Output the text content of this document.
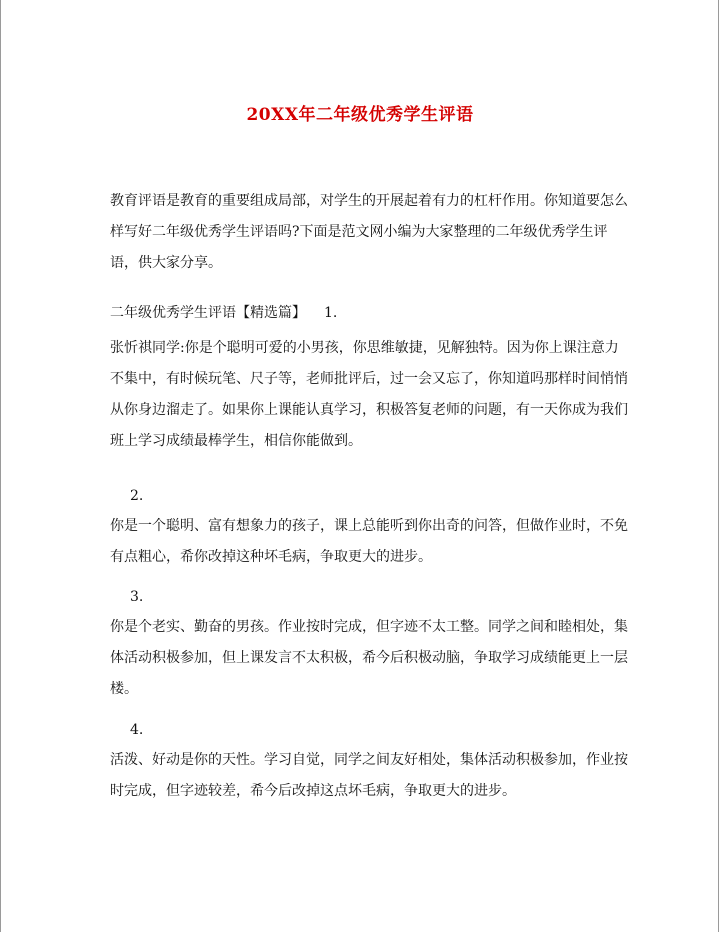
20XX年二年级优秀学生评语
教育评语是教育的重要组成局部，对学生的开展起着有力的杠杆作用。你知道要怎么样写好二年级优秀学生评语吗?下面是范文网小编为大家整理的二年级优秀学生评语，供大家分享。
二年级优秀学生评语【精选篇】 1.
张忻祺同学:你是个聪明可爱的小男孩，你思维敏捷，见解独特。因为你上课注意力不集中，有时候玩笔、尺子等，老师批评后，过一会又忘了，你知道吗那样时间悄悄从你身边溜走了。如果你上课能认真学习，积极答复老师的问题，有一天你成为我们班上学习成绩最棒学生，相信你能做到。
2.
你是一个聪明、富有想象力的孩子，课上总能听到你出奇的问答，但做作业时，不免有点粗心，希你改掉这种坏毛病，争取更大的进步。
3.
你是个老实、勤奋的男孩。作业按时完成，但字迹不太工整。同学之间和睦相处，集体活动积极参加，但上课发言不太积极，希今后积极动脑，争取学习成绩能更上一层楼。
4.
活泼、好动是你的天性。学习自觉，同学之间友好相处，集体活动积极参加，作业按时完成，但字迹较差，希今后改掉这点坏毛病，争取更大的进步。
